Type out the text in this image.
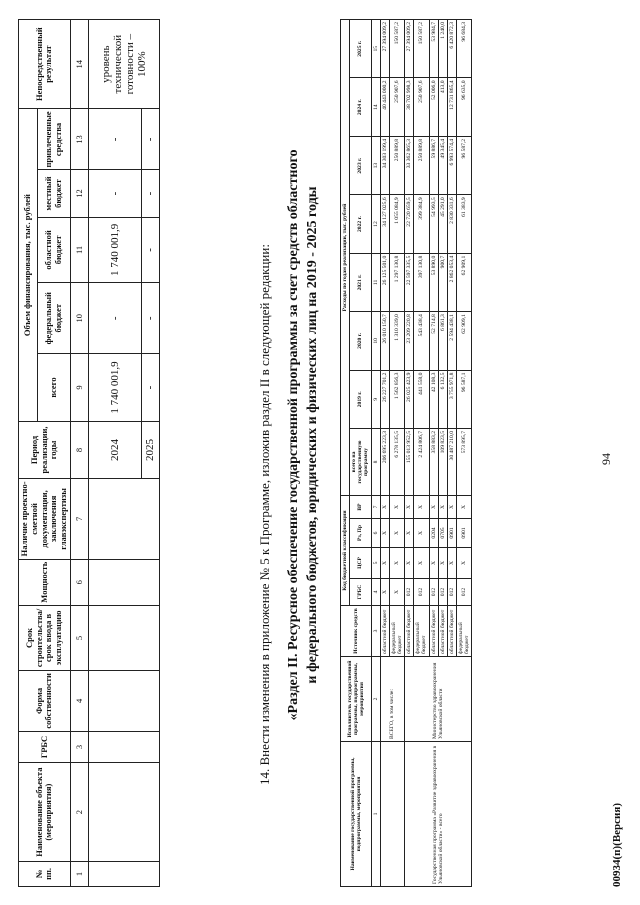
№ пп.	Наименование объекта (мероприятия)	ГРБС	Форма собственности	Срок строительства/срок ввода в эксплуатацию	Мощность	Наличие проектно-сметной документации, заключения главэкспертизы	Период реализации, годы	Объем финансирования, тыс. рублей					Непосредственный результат
								всего	федеральный бюджет	областной бюджет	местный бюджет	привлеченные средства	
1	2	3	4	5	6	7	8	9	10	11	12	13	14
							2024	1 740 001,9	-	1 740 001,9	-	-	уровень технической готовности – 100%
							2025	-	-	-	-	-	
14. Внести изменения в приложение № 5 к Программе, изложив раздел II в следующей редакции: «Раздел II. Ресурсное обеспечение государственной программы за счет средств областного и федерального бюджетов, юридических и физических лиц на 2019 - 2025 годы
Наименование государственной программы, подпрограммы, мероприятия	Исполнитель государственной программы, подпрограммы, мероприятия	Источник средств	Код бюджетной классификации				Расходы по годам реализации, тыс. рублей							
			ГРБС	ЦСР	Рз, Пр	ВР	всего на государственную программу	2019 г.	2020 г.	2021 г.	2022 г.	2023 г.	2024 г.	2025 г.
1	2	3	4	5	6	7	8	9	10	11	12	13	14	15
	ВСЕГО, в том числе:	областной бюджет	X	X	X	X	206 695 223,3	26 227 701,2	26 010 150,7	26 125 501,0	34 127 025,6	34 303 199,4	40 443 000,2	27 394 009,2
		федеральный бюджет	X	X	X	X	6 278 135,5	1 562 856,3	1 310 339,0	1 297 130,8	1 055 084,9	250 889,8	250 907,6	150 587,2
Государственная программа «Развитие здравоохранения в Ульяновской области» - всего	Министерство здравоохранения Ульяновской области	областной бюджет	012	X	X	X	155 013 952,5	26 025 423,9	23 209 220,8	22 597 335,5	22 720 659,5	33 362 865,3	38 702 998,3	27 394 009,2
		федеральный бюджет	012	X	X	X	2 424 806,7	441 558,0	543 438,4	397 130,8	399 384,9	250 889,8	250 907,6	150 587,2
		областной бюджет	012	X	0204	X	358 883,2	42 108,3	52 714,8	53 890,0	54 993,5	59 886,7	52 006,0	53 984,7
		областной бюджет	012	X	0705	X	109 823,5	6 132,5	6 861,3	900,7	45 291,0	49 345,4	413,0	1 240,0
		областной бюджет	012	X	0901	X	30 487 210,0	3 755 971,8	2 594 438,1	2 862 053,4	2 830 331,6	6 993 574,4	12 731 865,4	6 420 872,3
		федеральный бюджет	012	X	0901	X	573 895,7	96 587,1	62 909,1	62 909,1	61 383,9	96 587,2	96 635,0	96 684,3
94
00934(п)(Версия)
